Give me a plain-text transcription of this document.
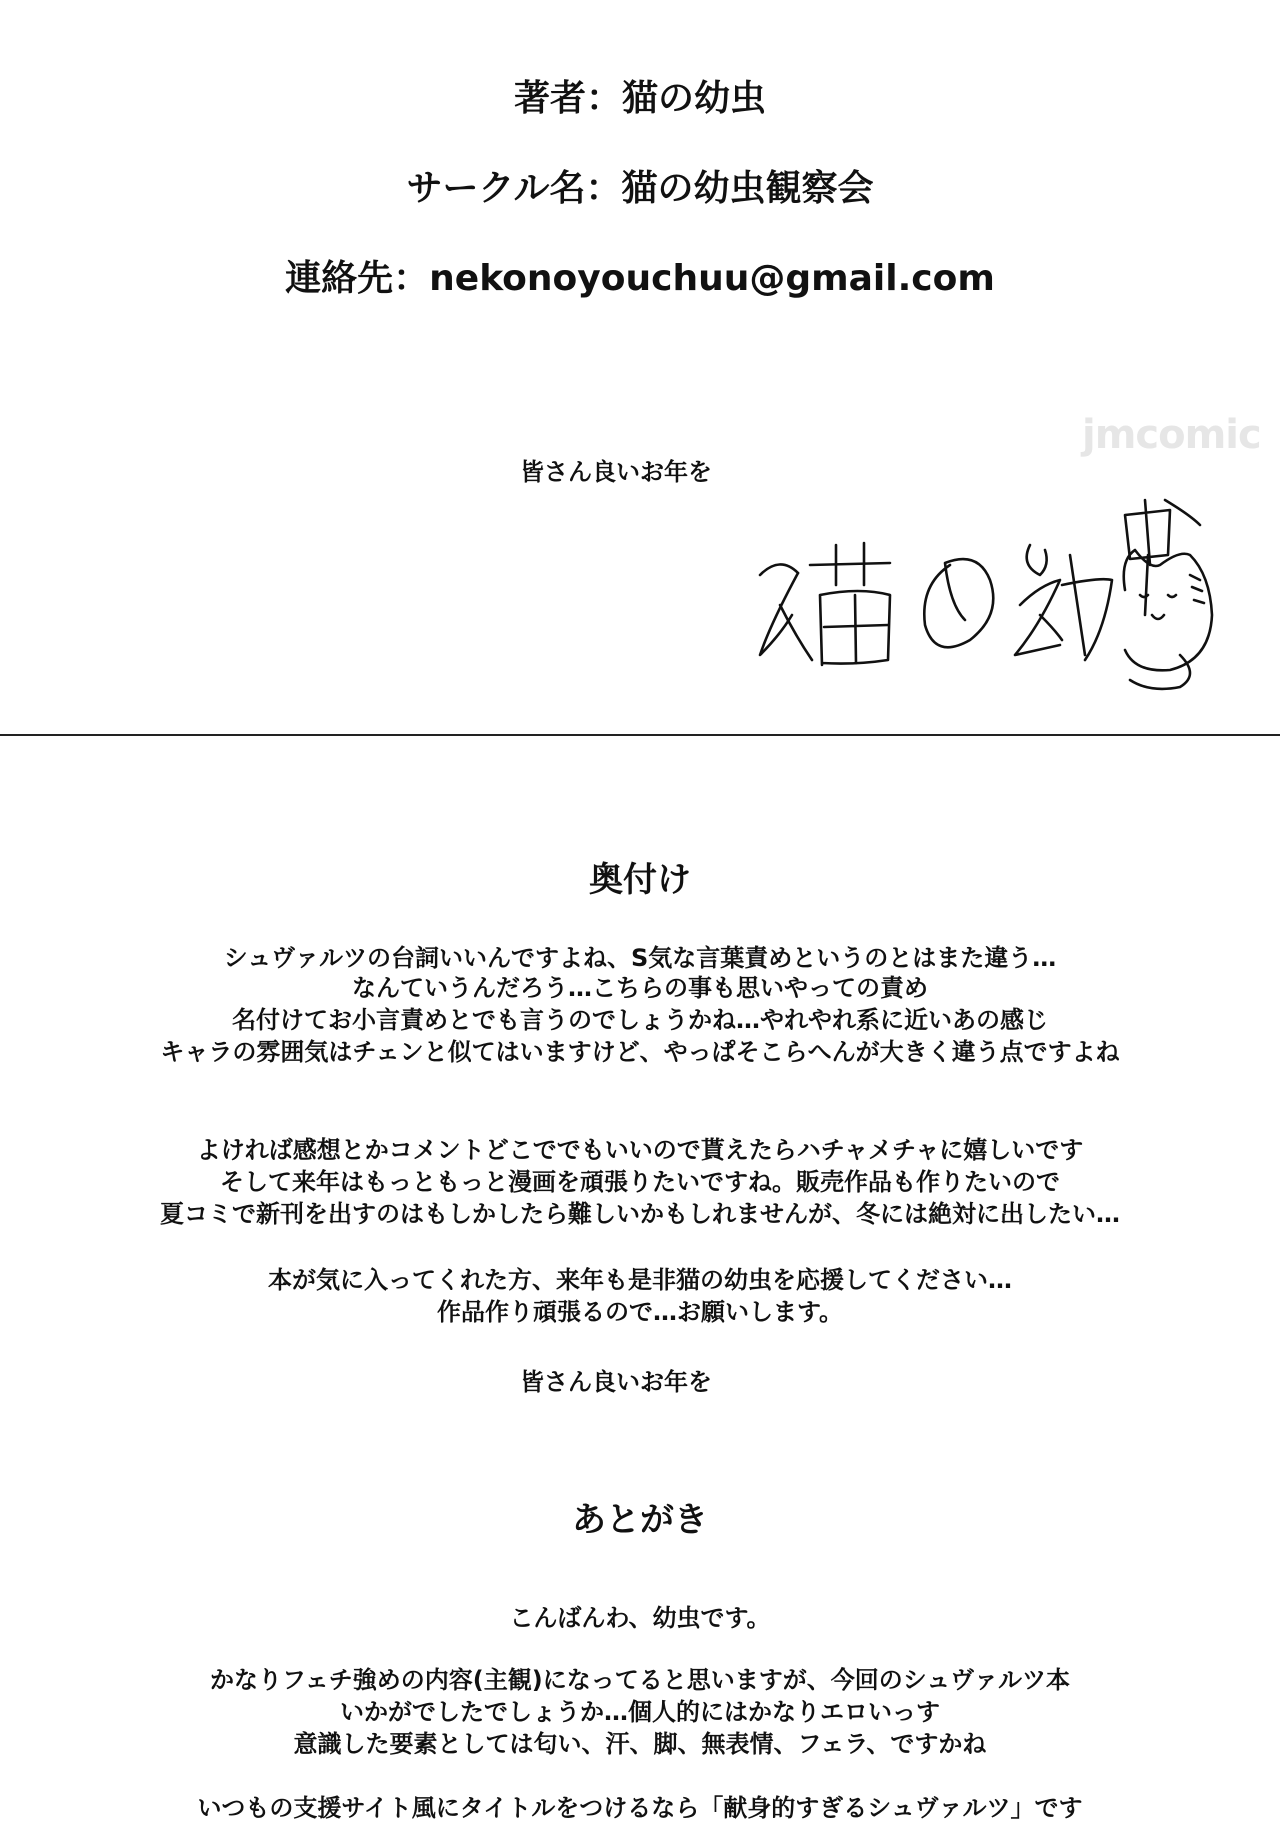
著者：猫の幼虫
サークル名：猫の幼虫観察会
連絡先：nekonoyouchuu@gmail.com
jmcomic
皆さん良いお年を
奥付け
シュヴァルツの台詞いいんですよね、S気な言葉責めというのとはまた違う…
なんていうんだろう…こちらの事も思いやっての責め
名付けてお小言責めとでも言うのでしょうかね…やれやれ系に近いあの感じ
キャラの雰囲気はチェンと似てはいますけど、やっぱそこらへんが大きく違う点ですよね
よければ感想とかコメントどこででもいいので貰えたらハチャメチャに嬉しいです
そして来年はもっともっと漫画を頑張りたいですね。販売作品も作りたいので
夏コミで新刊を出すのはもしかしたら難しいかもしれませんが、冬には絶対に出したい…
本が気に入ってくれた方、来年も是非猫の幼虫を応援してください…
作品作り頑張るので…お願いします。
皆さん良いお年を
あとがき
こんばんわ、幼虫です。
かなりフェチ強めの内容(主観)になってると思いますが、今回のシュヴァルツ本
いかがでしたでしょうか…個人的にはかなりエロいっす
意識した要素としては匂い、汗、脚、無表情、フェラ、ですかね
いつもの支援サイト風にタイトルをつけるなら「献身的すぎるシュヴァルツ」です
